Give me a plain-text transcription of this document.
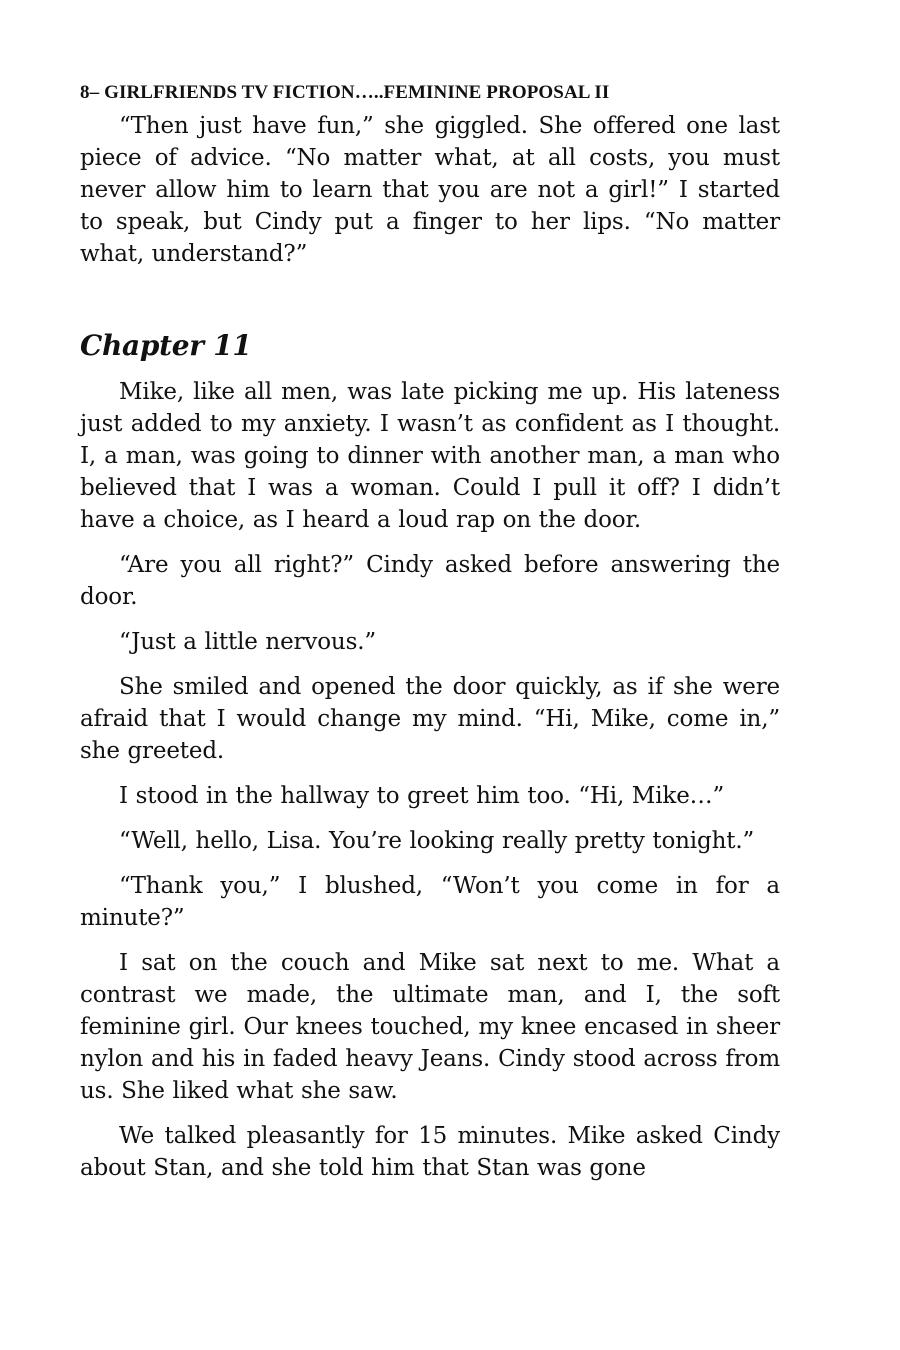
8– GIRLFRIENDS TV FICTION…..FEMININE PROPOSAL II

“Then just have fun,” she giggled. She offered one last piece of advice. “No matter what, at all costs, you must never allow him to learn that you are not a girl!” I started to speak, but Cindy put a finger to her lips. “No matter what, understand?”

Chapter 11

Mike, like all men, was late picking me up. His lateness just added to my anxiety. I wasn’t as confident as I thought. I, a man, was going to dinner with another man, a man who believed that I was a woman. Could I pull it off? I didn’t have a choice, as I heard a loud rap on the door.

“Are you all right?” Cindy asked before answering the door.

“Just a little nervous.”

She smiled and opened the door quickly, as if she were afraid that I would change my mind. “Hi, Mike, come in,” she greeted.

I stood in the hallway to greet him too. “Hi, Mike…”

“Well, hello, Lisa. You’re looking really pretty tonight.”

“Thank you,” I blushed, “Won’t you come in for a minute?”

I sat on the couch and Mike sat next to me. What a contrast we made, the ultimate man, and I, the soft feminine girl. Our knees touched, my knee encased in sheer nylon and his in faded heavy Jeans. Cindy stood across from us. She liked what she saw.

We talked pleasantly for 15 minutes. Mike asked Cindy about Stan, and she told him that Stan was gone
